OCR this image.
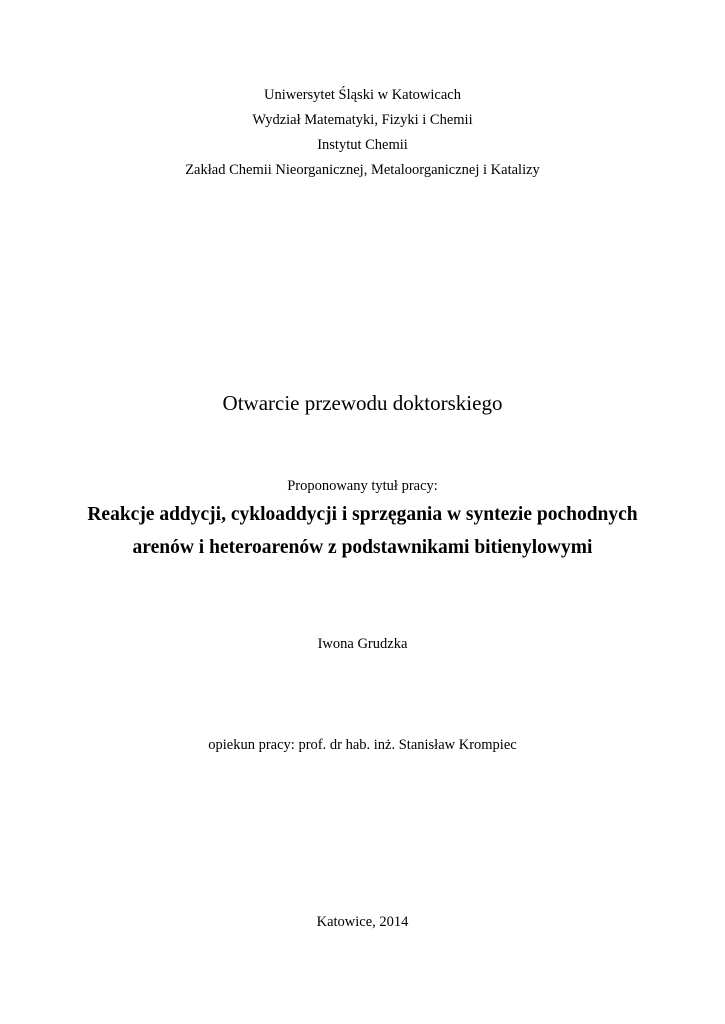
Uniwersytet Śląski w Katowicach
Wydział Matematyki, Fizyki i Chemii
Instytut Chemii
Zakład Chemii Nieorganicznej, Metaloorganicznej i Katalizy
Otwarcie przewodu doktorskiego
Proponowany tytuł pracy:
Reakcje addycji, cykloaddycji i sprzęgania w syntezie pochodnych
arenów i heteroarenów z podstawnikami bitienylowymi
Iwona Grudzka
opiekun pracy: prof. dr hab. inż. Stanisław Krompiec
Katowice, 2014
